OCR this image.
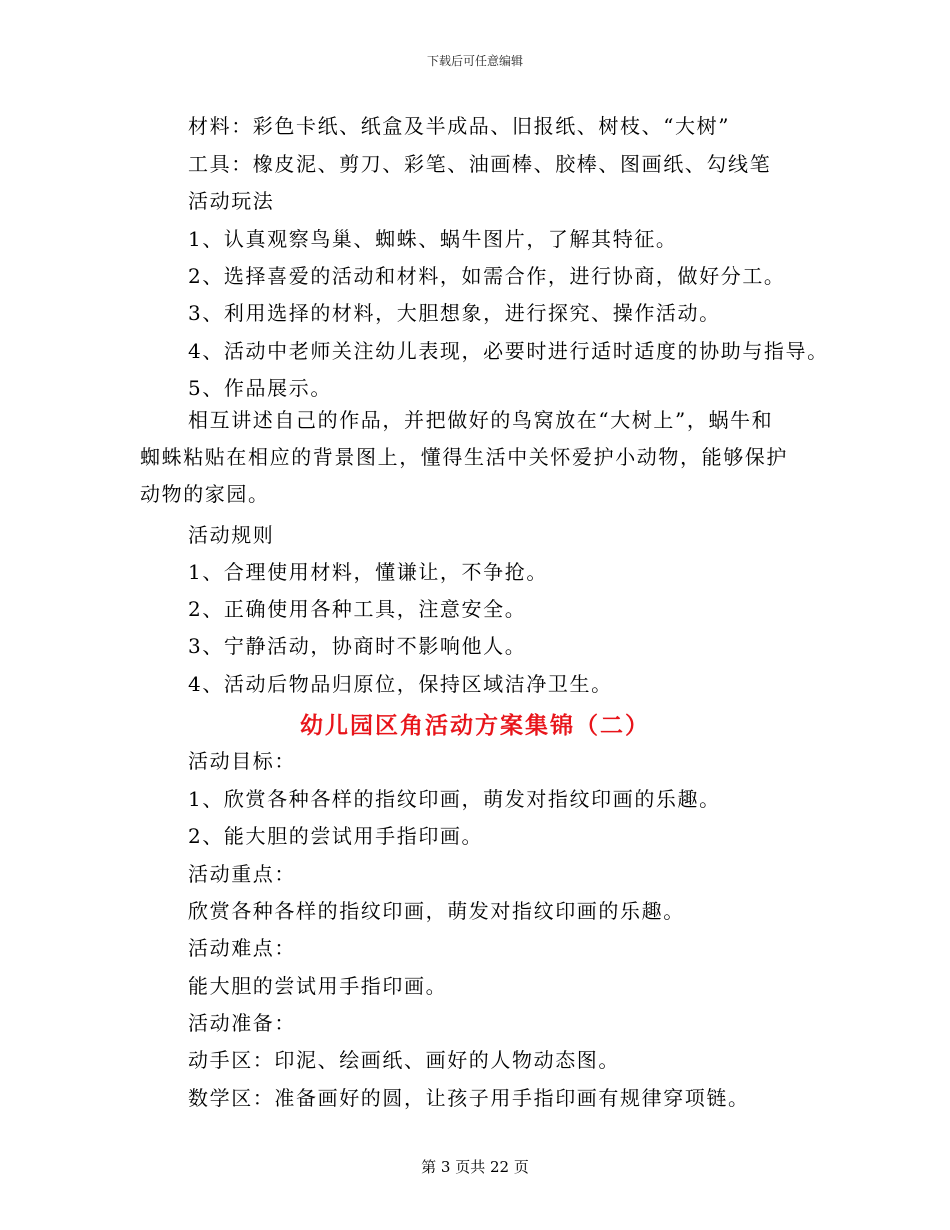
下载后可任意编辑
材料：彩色卡纸、纸盒及半成品、旧报纸、树枝、“大树”
工具：橡皮泥、剪刀、彩笔、油画棒、胶棒、图画纸、勾线笔
活动玩法
1、认真观察鸟巢、蜘蛛、蜗牛图片，了解其特征。
2、选择喜爱的活动和材料，如需合作，进行协商，做好分工。
3、利用选择的材料，大胆想象，进行探究、操作活动。
4、活动中老师关注幼儿表现，必要时进行适时适度的协助与指导。
5、作品展示。
相互讲述自己的作品，并把做好的鸟窝放在“大树上”，蜗牛和
蜘蛛粘贴在相应的背景图上，懂得生活中关怀爱护小动物，能够保护
动物的家园。
活动规则
1、合理使用材料，懂谦让，不争抢。
2、正确使用各种工具，注意安全。
3、宁静活动，协商时不影响他人。
4、活动后物品归原位，保持区域洁净卫生。
幼儿园区角活动方案集锦（二）
活动目标：
1、欣赏各种各样的指纹印画，萌发对指纹印画的乐趣。
2、能大胆的尝试用手指印画。
活动重点：
欣赏各种各样的指纹印画，萌发对指纹印画的乐趣。
活动难点：
能大胆的尝试用手指印画。
活动准备：
动手区：印泥、绘画纸、画好的人物动态图。
数学区：准备画好的圆，让孩子用手指印画有规律穿项链。
第 3 页共 22 页
